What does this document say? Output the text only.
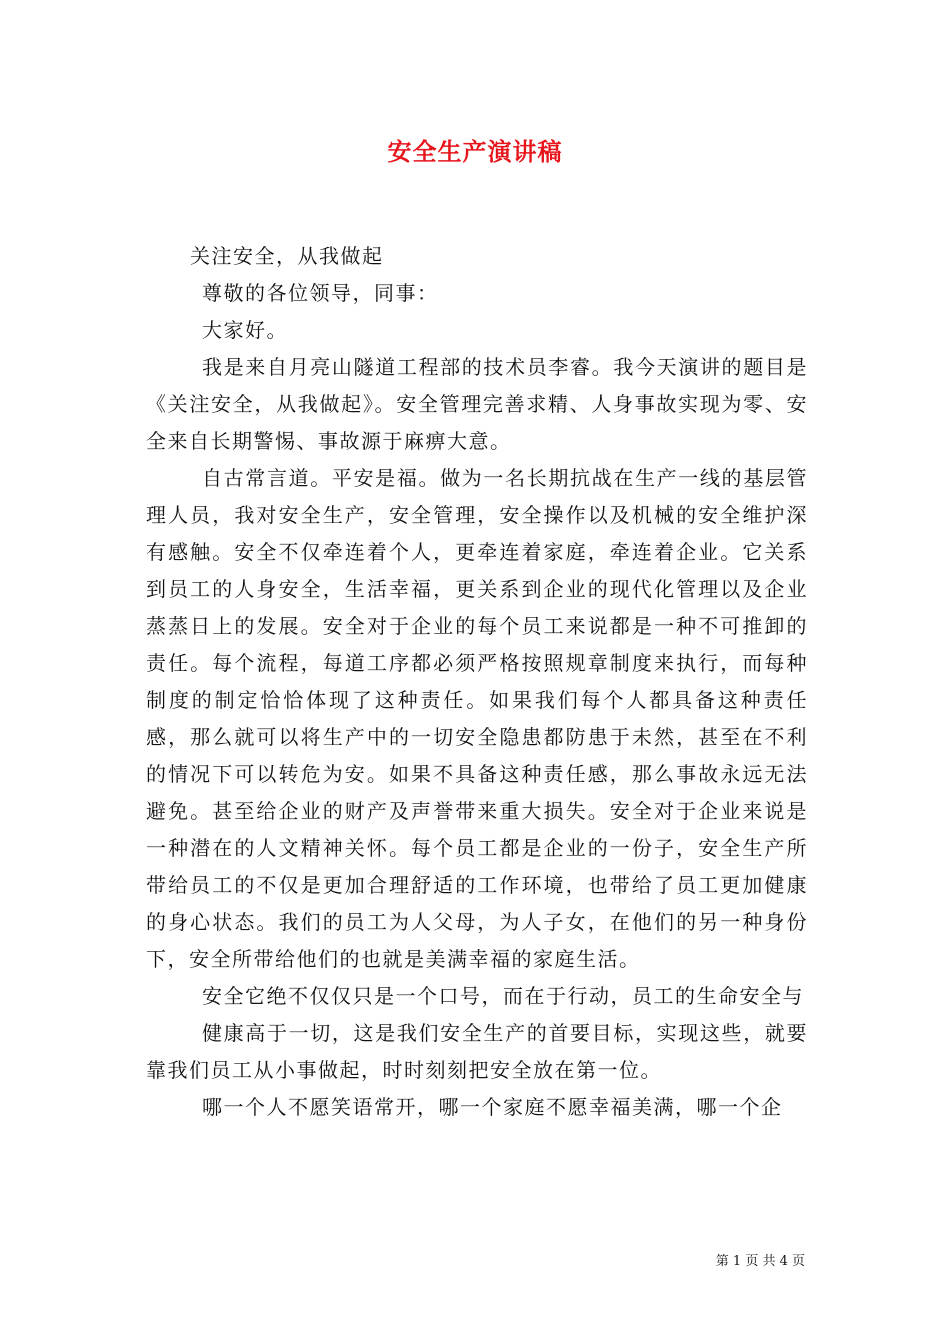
安全生产演讲稿

关注安全，从我做起

尊敬的各位领导，同事：

大家好。

我是来自月亮山隧道工程部的技术员李睿。我今天演讲的题目是《关注安全，从我做起》。安全管理完善求精、人身事故实现为零、安全来自长期警惕、事故源于麻痹大意。

自古常言道。平安是福。做为一名长期抗战在生产一线的基层管理人员，我对安全生产，安全管理，安全操作以及机械的安全维护深有感触。安全不仅牵连着个人，更牵连着家庭，牵连着企业。它关系到员工的人身安全，生活幸福，更关系到企业的现代化管理以及企业蒸蒸日上的发展。安全对于企业的每个员工来说都是一种不可推卸的责任。每个流程，每道工序都必须严格按照规章制度来执行，而每种制度的制定恰恰体现了这种责任。如果我们每个人都具备这种责任感，那么就可以将生产中的一切安全隐患都防患于未然，甚至在不利的情况下可以转危为安。如果不具备这种责任感，那么事故永远无法避免。甚至给企业的财产及声誉带来重大损失。安全对于企业来说是一种潜在的人文精神关怀。每个员工都是企业的一份子，安全生产所带给员工的不仅是更加合理舒适的工作环境，也带给了员工更加健康的身心状态。我们的员工为人父母，为人子女，在他们的另一种身份下，安全所带给他们的也就是美满幸福的家庭生活。

安全它绝不仅仅只是一个口号，而在于行动，员工的生命安全与

健康高于一切，这是我们安全生产的首要目标，实现这些，就要靠我们员工从小事做起，时时刻刻把安全放在第一位。

哪一个人不愿笑语常开，哪一个家庭不愿幸福美满，哪一个企

第 1 页 共 4 页
